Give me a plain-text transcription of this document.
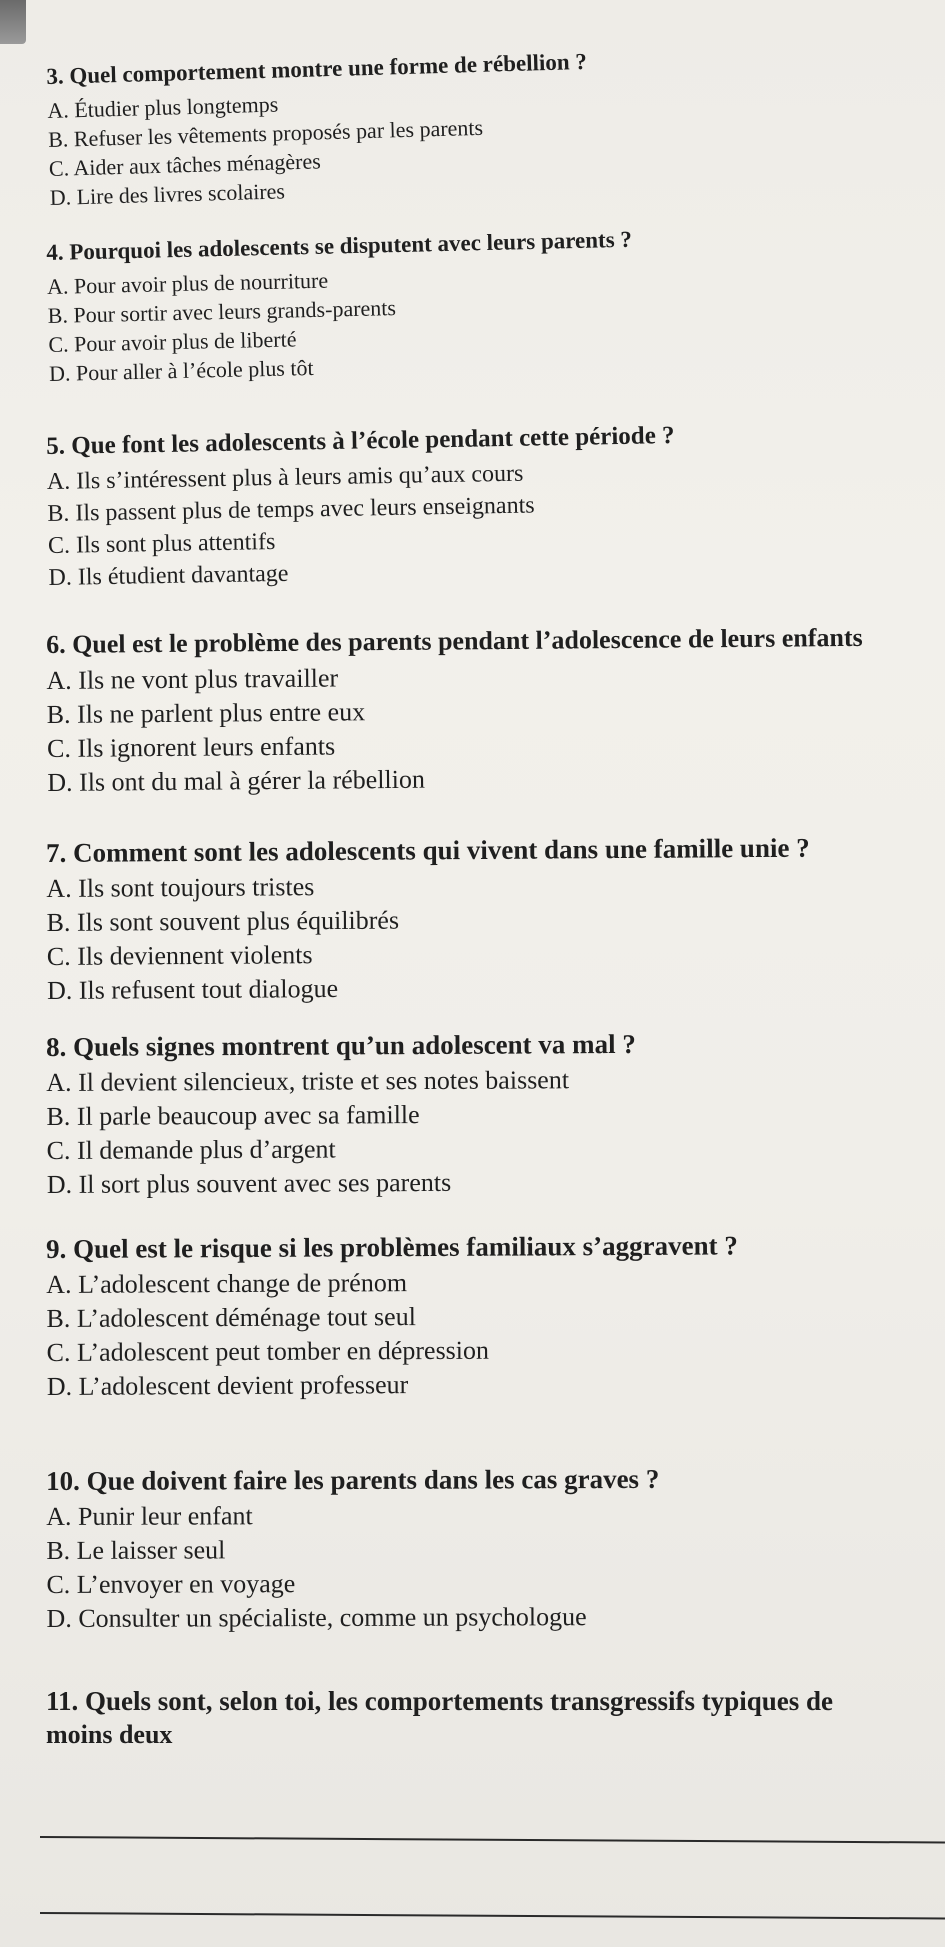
3. Quel comportement montre une forme de rébellion ?
A. Étudier plus longtemps
B. Refuser les vêtements proposés par les parents
C. Aider aux tâches ménagères
D. Lire des livres scolaires
4. Pourquoi les adolescents se disputent avec leurs parents ?
A. Pour avoir plus de nourriture
B. Pour sortir avec leurs grands-parents
C. Pour avoir plus de liberté
D. Pour aller à l’école plus tôt
5. Que font les adolescents à l’école pendant cette période ?
A. Ils s’intéressent plus à leurs amis qu’aux cours
B. Ils passent plus de temps avec leurs enseignants
C. Ils sont plus attentifs
D. Ils étudient davantage
6. Quel est le problème des parents pendant l’adolescence de leurs enfants
A. Ils ne vont plus travailler
B. Ils ne parlent plus entre eux
C. Ils ignorent leurs enfants
D. Ils ont du mal à gérer la rébellion
7. Comment sont les adolescents qui vivent dans une famille unie ?
A. Ils sont toujours tristes
B. Ils sont souvent plus équilibrés
C. Ils deviennent violents
D. Ils refusent tout dialogue
8. Quels signes montrent qu’un adolescent va mal ?
A. Il devient silencieux, triste et ses notes baissent
B. Il parle beaucoup avec sa famille
C. Il demande plus d’argent
D. Il sort plus souvent avec ses parents
9. Quel est le risque si les problèmes familiaux s’aggravent ?
A. L’adolescent change de prénom
B. L’adolescent déménage tout seul
C. L’adolescent peut tomber en dépression
D. L’adolescent devient professeur
10. Que doivent faire les parents dans les cas graves ?
A. Punir leur enfant
B. Le laisser seul
C. L’envoyer en voyage
D. Consulter un spécialiste, comme un psychologue
11. Quels sont, selon toi, les comportements transgressifs typiques de
moins deux
